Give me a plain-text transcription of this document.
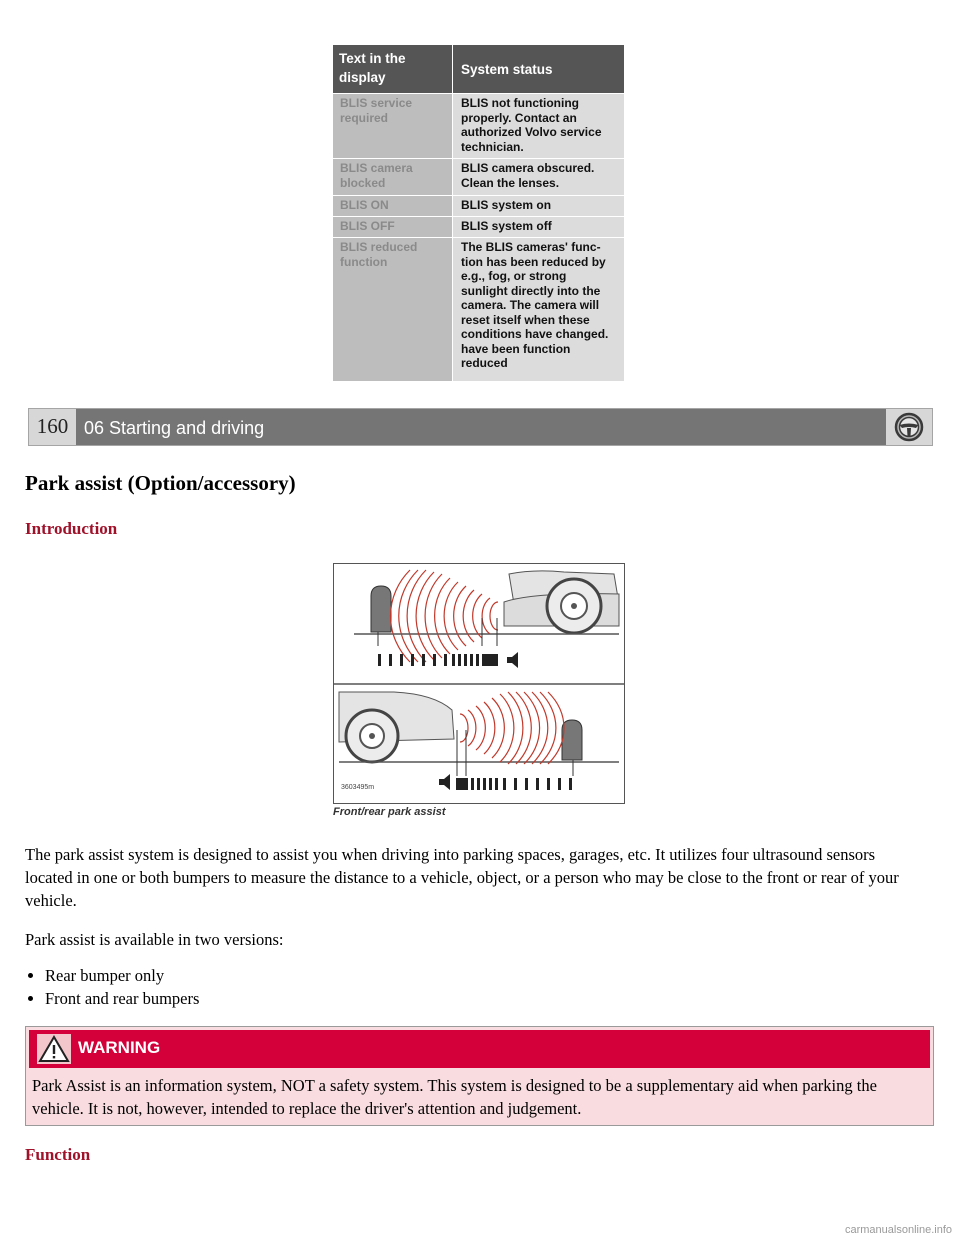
Text in the display
System status
BLIS service required
BLIS not functioning properly. Contact an authorized Volvo service technician.
BLIS camera blocked
BLIS camera obscured. Clean the lenses.
BLIS ON	BLIS system on
BLIS OFF	BLIS system off
BLIS reduced function
The BLIS cameras' func- tion has been reduced by e.g., fog, or strong sunlight directly into the camera. The camera will reset itself when these conditions have changed. have been function reduced
160 06 Starting and driving
Park assist (Option/accessory)
Introduction
3603495m
Front/rear park assist

The park assist system is designed to assist you when driving into parking spaces, garages, etc. It utilizes four ultrasound sensors located in one or both bumpers to measure the distance to a vehicle, object, or a person who may be close to the front or rear of your vehicle.

Park assist is available in two versions:

• Rear bumper only
• Front and rear bumpers
WARNING
Park Assist is an information system, NOT a safety system. This system is designed to be a supplementary aid when parking the vehicle. It is not, however, intended to replace the driver's attention and judgement.
Function
carmanualsonline.info
